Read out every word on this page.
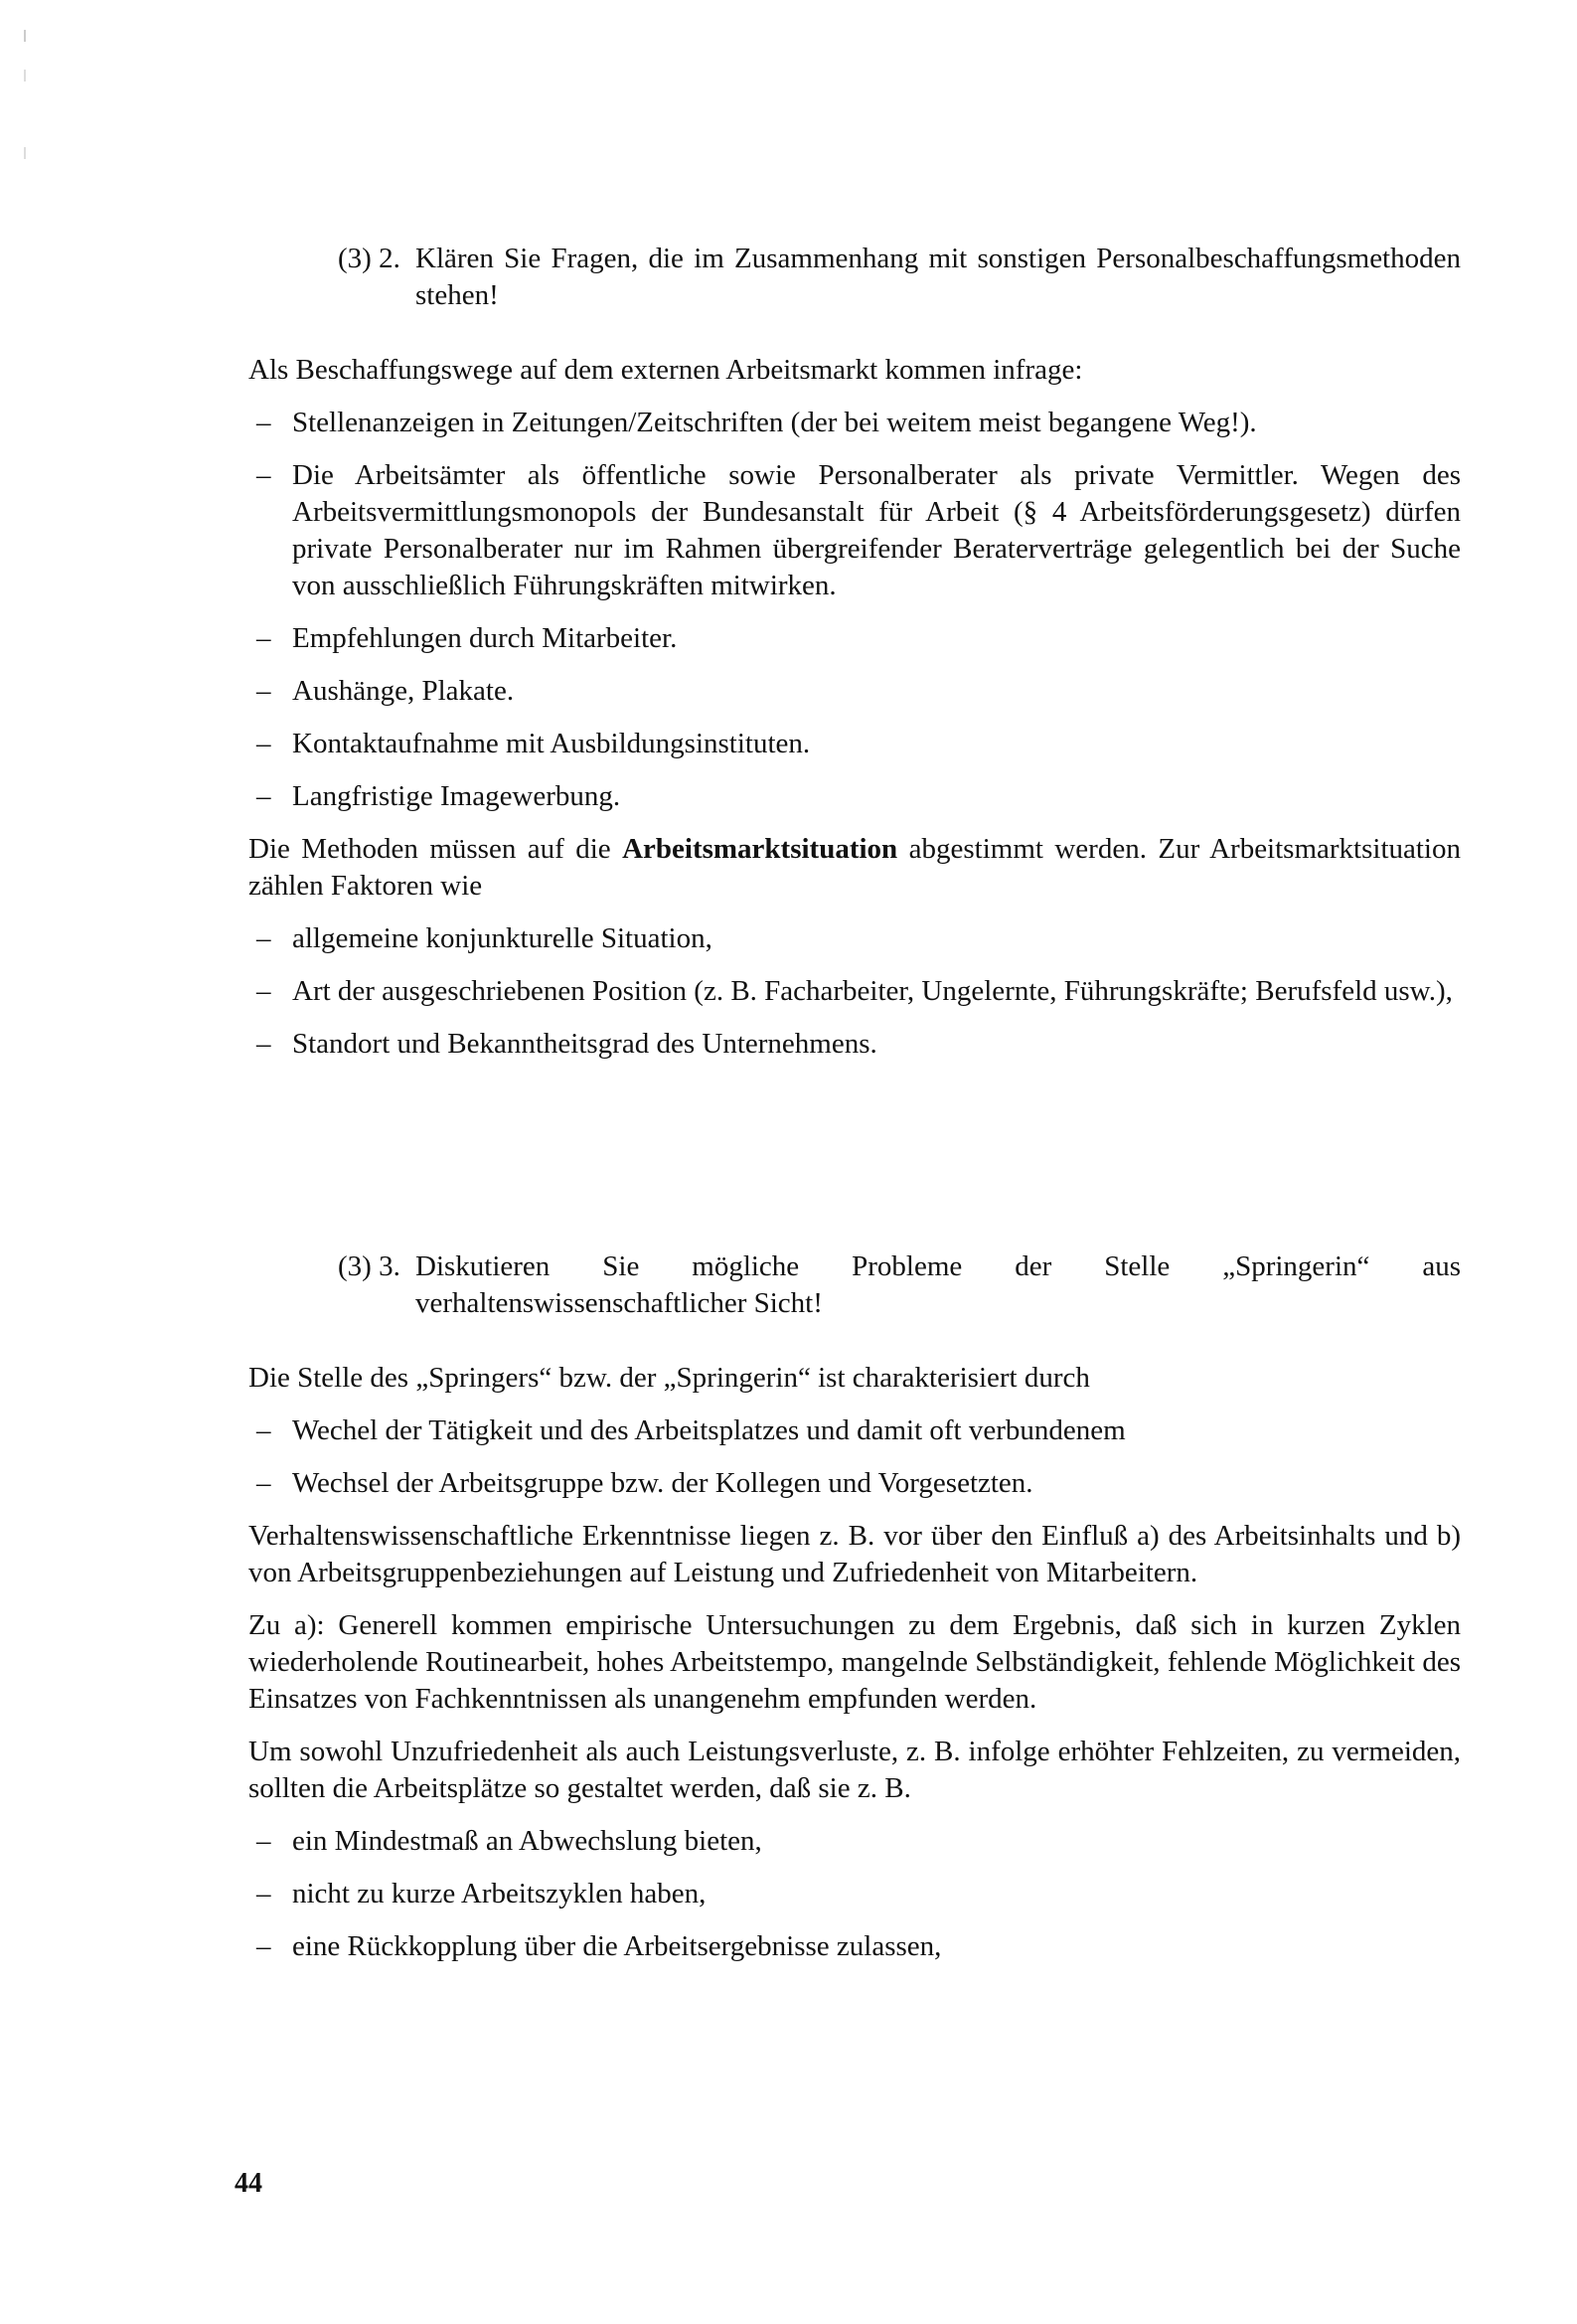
(3) 2. Klären Sie Fragen, die im Zusammenhang mit sonstigen Personalbeschaffungsmethoden stehen!

Als Beschaffungswege auf dem externen Arbeitsmarkt kommen infrage:

– Stellenanzeigen in Zeitungen/Zeitschriften (der bei weitem meist begangene Weg!).
– Die Arbeitsämter als öffentliche sowie Personalberater als private Vermittler. Wegen des Arbeitsvermittlungsmonopols der Bundesanstalt für Arbeit (§ 4 Arbeitsförderungsgesetz) dürfen private Personalberater nur im Rahmen übergreifender Beraterverträge gelegentlich bei der Suche von ausschließlich Führungskräften mitwirken.
– Empfehlungen durch Mitarbeiter.
– Aushänge, Plakate.
– Kontaktaufnahme mit Ausbildungsinstituten.
– Langfristige Imagewerbung.

Die Methoden müssen auf die Arbeitsmarktsituation abgestimmt werden. Zur Arbeitsmarktsituation zählen Faktoren wie

– allgemeine konjunkturelle Situation,
– Art der ausgeschriebenen Position (z. B. Facharbeiter, Ungelernte, Führungskräfte; Berufsfeld usw.),
– Standort und Bekanntheitsgrad des Unternehmens.
(3) 3. Diskutieren Sie mögliche Probleme der Stelle „Springerin“ aus verhaltenswissenschaftlicher Sicht!

Die Stelle des „Springers“ bzw. der „Springerin“ ist charakterisiert durch

– Wechel der Tätigkeit und des Arbeitsplatzes und damit oft verbundenem
– Wechsel der Arbeitsgruppe bzw. der Kollegen und Vorgesetzten.

Verhaltenswissenschaftliche Erkenntnisse liegen z. B. vor über den Einfluß a) des Arbeitsinhalts und b) von Arbeitsgruppenbeziehungen auf Leistung und Zufriedenheit von Mitarbeitern.

Zu a): Generell kommen empirische Untersuchungen zu dem Ergebnis, daß sich in kurzen Zyklen wiederholende Routinearbeit, hohes Arbeitstempo, mangelnde Selbständigkeit, fehlende Möglichkeit des Einsatzes von Fachkenntnissen als unangenehm empfunden werden.

Um sowohl Unzufriedenheit als auch Leistungsverluste, z. B. infolge erhöhter Fehlzeiten, zu vermeiden, sollten die Arbeitsplätze so gestaltet werden, daß sie z. B.

– ein Mindestmaß an Abwechslung bieten,
– nicht zu kurze Arbeitszyklen haben,
– eine Rückkopplung über die Arbeitsergebnisse zulassen,
44
